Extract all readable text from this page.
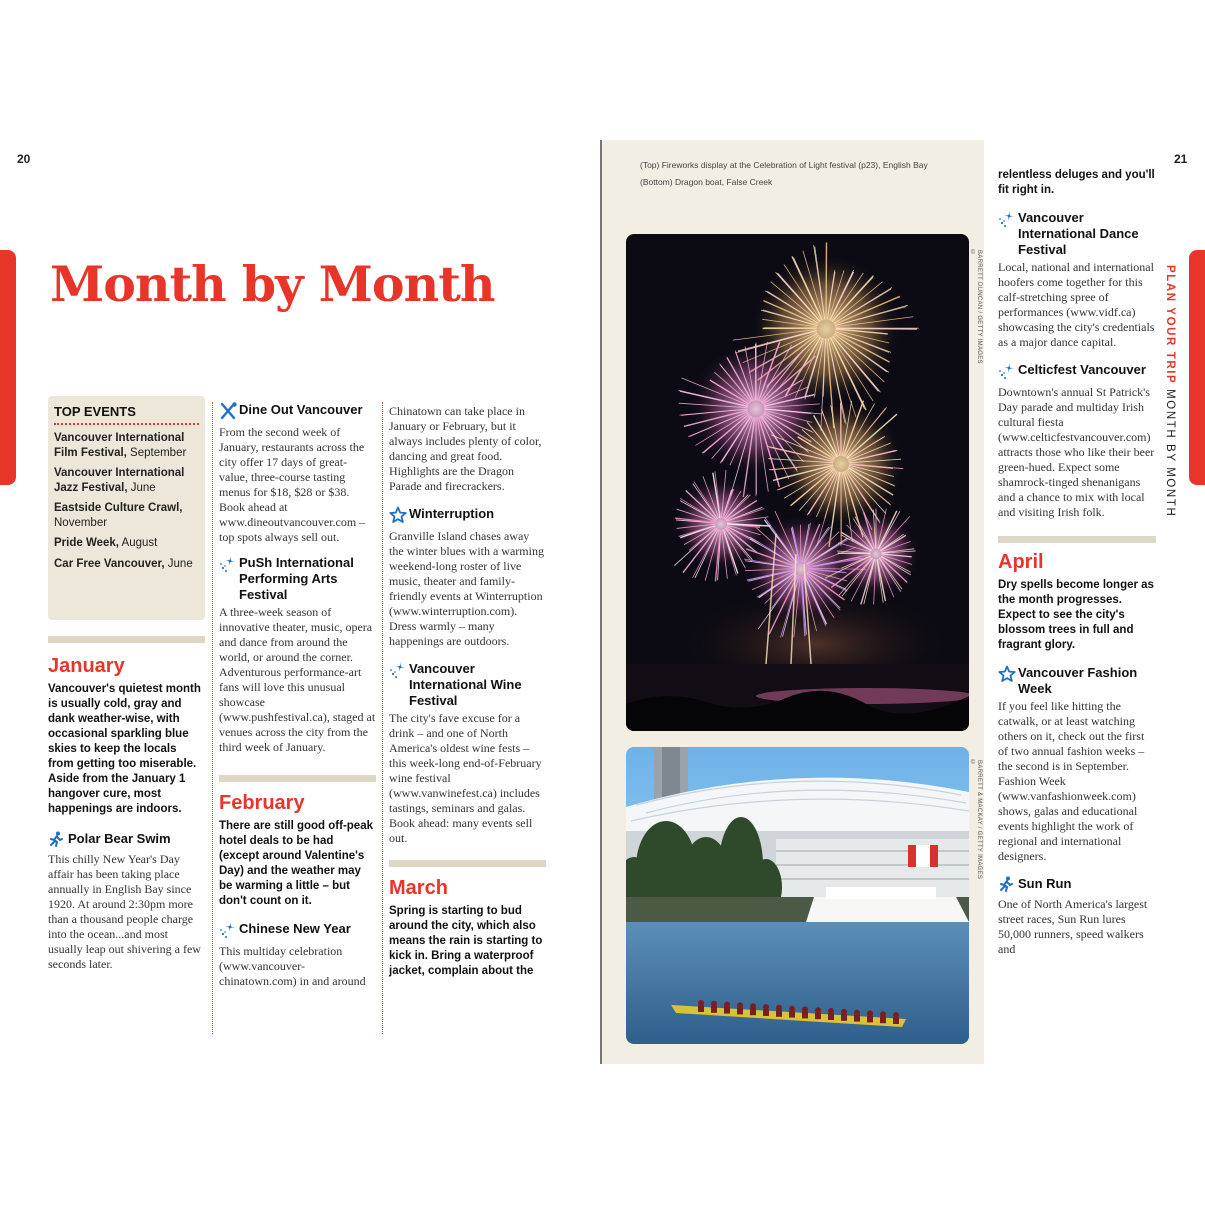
20
Month by Month
TOP EVENTS

Vancouver International Film Festival, September

Vancouver International Jazz Festival, June

Eastside Culture Crawl, November

Pride Week, August

Car Free Vancouver, June

January

Vancouver's quietest month is usually cold, gray and dank weather-wise, with occasional sparkling blue skies to keep the locals from getting too miserable. Aside from the January 1 hangover cure, most happenings are indoors.

Polar Bear Swim

This chilly New Year's Day affair has been taking place annually in English Bay since 1920. At around 2:30pm more than a thousand people charge into the ocean...and most usually leap out shivering a few seconds later.

Dine Out Vancouver

From the second week of January, restaurants across the city offer 17 days of great-value, three-course tasting menus for $18, $28 or $38. Book ahead at www.dineoutvancouver.com – top spots always sell out.

PuSh International Performing Arts Festival

A three-week season of innovative theater, music, opera and dance from around the world, or around the corner. Adventurous performance-art fans will love this unusual showcase (www.pushfestival.ca), staged at venues across the city from the third week of January.

February

There are still good off-peak hotel deals to be had (except around Valentine's Day) and the weather may be warming a little – but don't count on it.

Chinese New Year

This multiday celebration (www.vancouver-chinatown.com) in and around

Chinatown can take place in January or February, but it always includes plenty of color, dancing and great food. Highlights are the Dragon Parade and firecrackers.

Winterruption

Granville Island chases away the winter blues with a warming weekend-long roster of live music, theater and family-friendly events at Winterruption (www.winterruption.com). Dress warmly – many happenings are outdoors.

Vancouver International Wine Festival

The city's fave excuse for a drink – and one of North America's oldest wine fests – this week-long end-of-February wine festival (www.vanwinefest.ca) includes tastings, seminars and galas. Book ahead: many events sell out.

March

Spring is starting to bud around the city, which also means the rain is starting to kick in. Bring a waterproof jacket, complain about the

(Top) Fireworks display at the Celebration of Light festival (p23), English Bay
(Bottom) Dragon boat, False Creek
BARRETT DUNCAN / GETTY IMAGES ©
BARRETT & MACKAY / GETTY IMAGES ©

relentless deluges and you'll fit right in.

Vancouver International Dance Festival

Local, national and international hoofers come together for this calf-stretching spree of performances (www.vidf.ca) showcasing the city's credentials as a major dance capital.

Celticfest Vancouver

Downtown's annual St Patrick's Day parade and multiday Irish cultural fiesta (www.celticfestvancouver.com) attracts those who like their beer green-hued. Expect some shamrock-tinged shenanigans and a chance to mix with local and visiting Irish folk.

April

Dry spells become longer as the month progresses. Expect to see the city's blossom trees in full and fragrant glory.

Vancouver Fashion Week

If you feel like hitting the catwalk, or at least watching others on it, check out the first of two annual fashion weeks – the second is in September. Fashion Week (www.vanfashionweek.com) shows, galas and educational events highlight the work of regional and international designers.

Sun Run

One of North America's largest street races, Sun Run lures 50,000 runners, speed walkers and

21
PLAN YOUR TRIP MONTH BY MONTH
